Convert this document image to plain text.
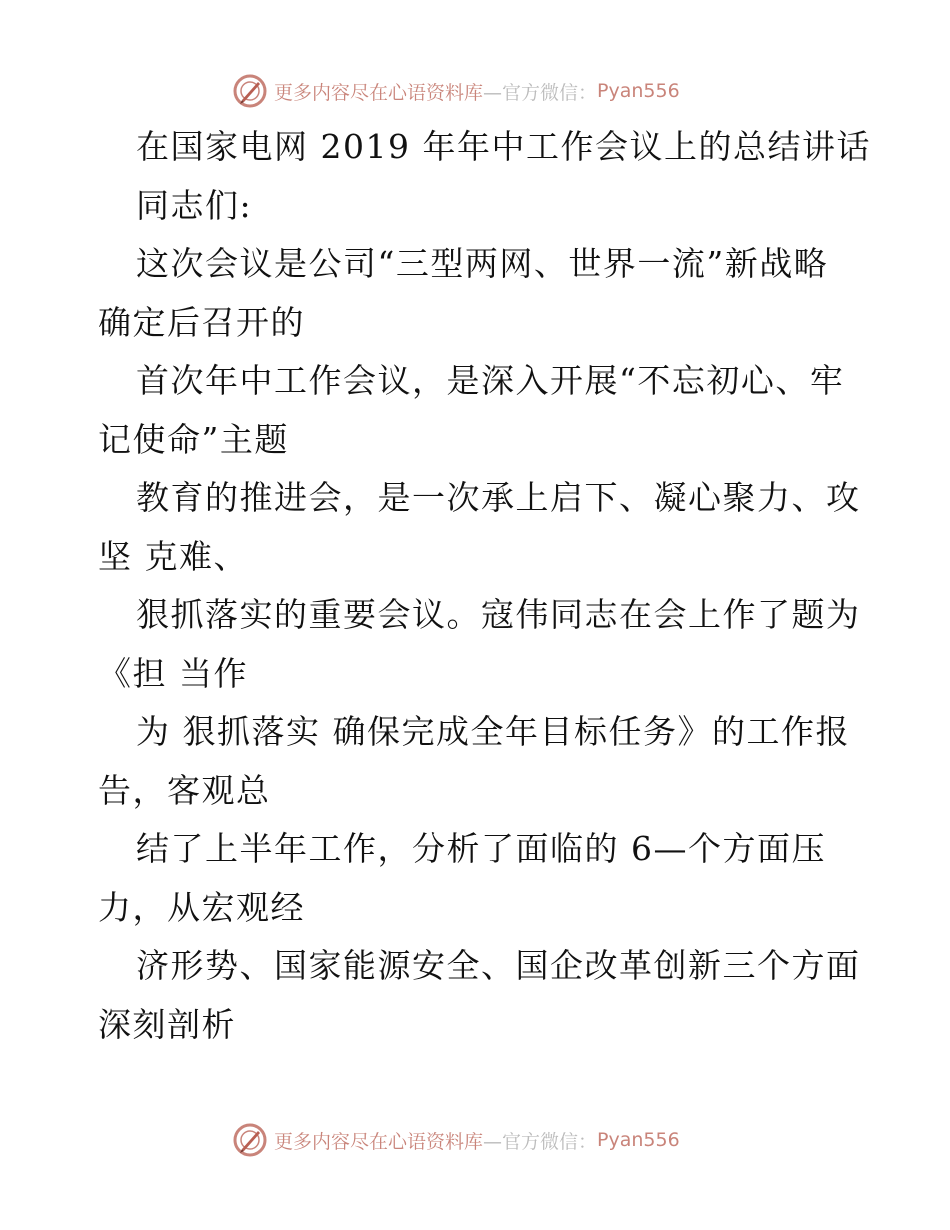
更多内容尽在心语资料库 —官方微信： Pyan556
在国家电网 2019 年年中工作会议上的总结讲话
同志们:
这次会议是公司“三型两网、世界一流”新战略
确定后召开的
首次年中工作会议，是深入开展“不忘初心、牢
记使命”主题
教育的推进会，是一次承上启下、凝心聚力、攻
坚 克难、
狠抓落实的重要会议。寇伟同志在会上作了题为
《担 当作
为 狠抓落实 确保完成全年目标任务》的工作报
告，客观总
结了上半年工作，分析了面临的 6—个方面压
力，从宏观经
济形势、国家能源安全、国企改革创新三个方面
深刻剖析
更多内容尽在心语资料库 —官方微信： Pyan556
